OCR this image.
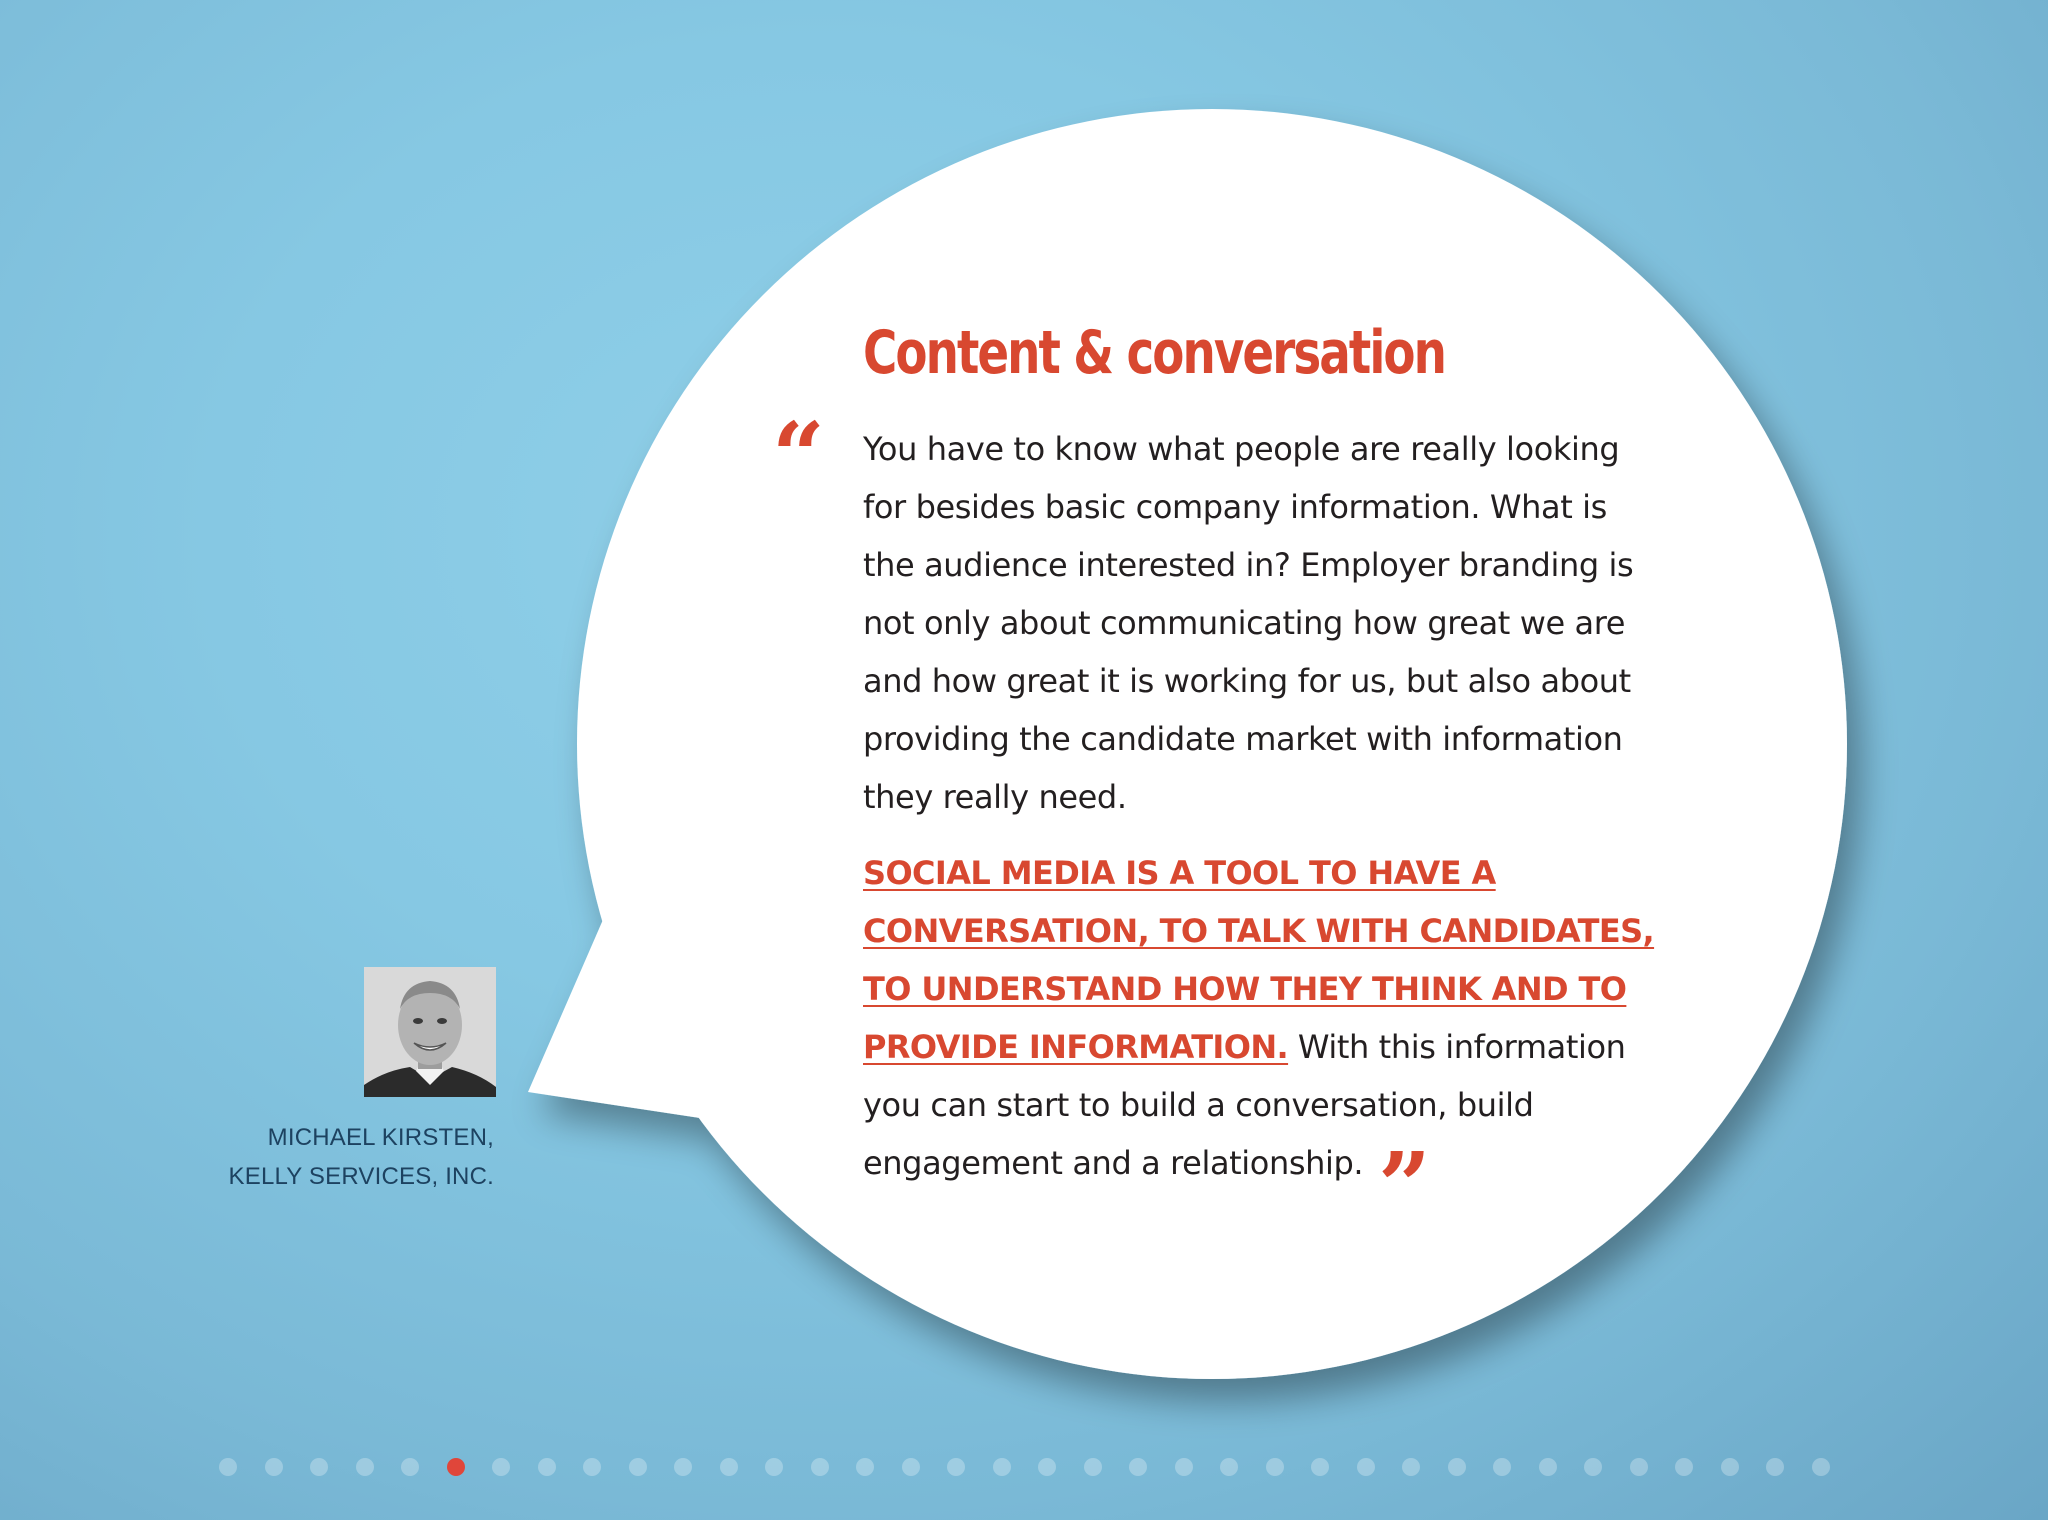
MICHAEL KIRSTEN,
KELLY SERVICES, INC.
Content & conversation
“ You have to know what people are really looking for besides basic company information. What is the audience interested in? Employer branding is not only about communicating how great we are and how great it is working for us, but also about providing the candidate market with information they really need.

SOCIAL MEDIA IS A TOOL TO HAVE A CONVERSATION, TO TALK WITH CANDIDATES, TO UNDERSTAND HOW THEY THINK AND TO PROVIDE INFORMATION. With this information you can start to build a conversation, build engagement and a relationship. ”
